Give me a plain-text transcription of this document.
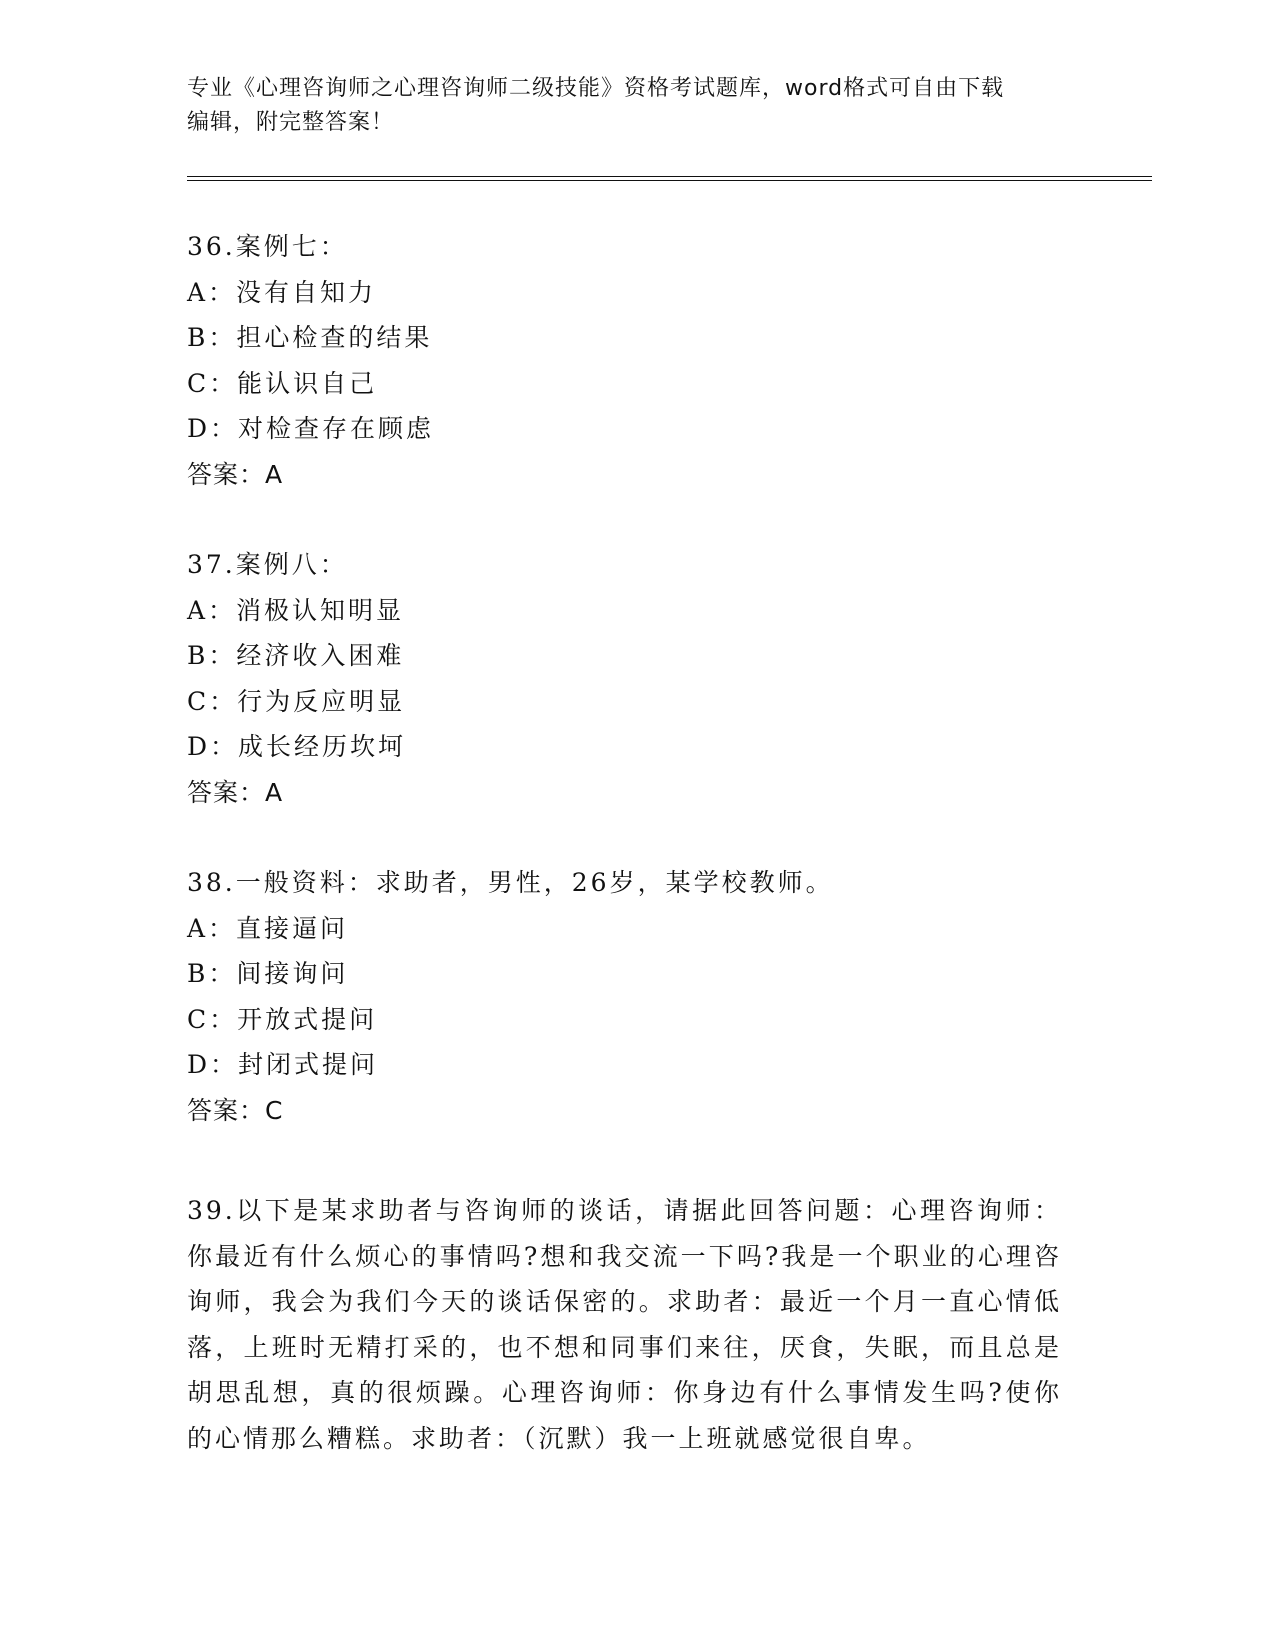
专业《心理咨询师之心理咨询师二级技能》资格考试题库，word格式可自由下载
编辑，附完整答案！
36.案例七：
A：没有自知力
B：担心检查的结果
C：能认识自己
D：对检查存在顾虑
答案：A
37.案例八：
A：消极认知明显
B：经济收入困难
C：行为反应明显
D：成长经历坎坷
答案：A
38.一般资料：求助者，男性，26岁，某学校教师。
A：直接逼问
B：间接询问
C：开放式提问
D：封闭式提问
答案：C
39.以下是某求助者与咨询师的谈话，请据此回答问题：心理咨询师：你最近有什么烦心的事情吗?想和我交流一下吗?我是一个职业的心理咨询师，我会为我们今天的谈话保密的。求助者：最近一个月一直心情低落，上班时无精打采的，也不想和同事们来往，厌食，失眠，而且总是胡思乱想，真的很烦躁。心理咨询师：你身边有什么事情发生吗?使你的心情那么糟糕。求助者：（沉默）我一上班就感觉很自卑。
